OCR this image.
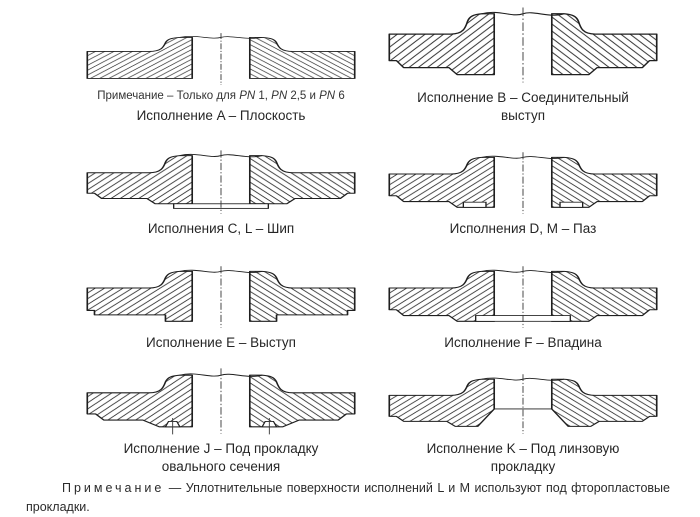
Примечание – Только для PN 1, PN 2,5 и PN 6
Исполнение A – Плоскость
Исполнение B – Соединительный выступ
Исполнения C, L – Шип	Исполнения D, M – Паз
Исполнение E – Выступ	Исполнение F – Впадина
Исполнение J – Под прокладку овального сечения
Исполнение K – Под линзовую прокладку
Примечание — Уплотнительные поверхности исполнений L и M используют под фторопластовые прокладки.
